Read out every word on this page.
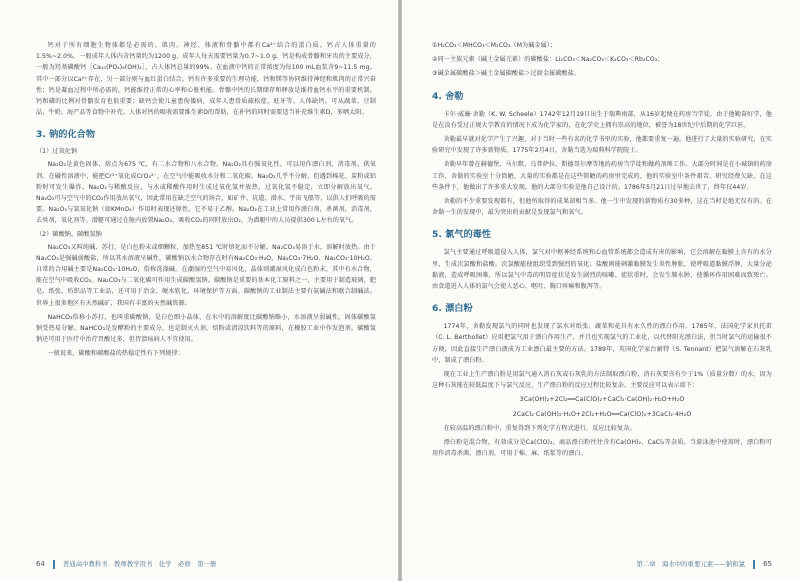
钙对于所有细胞生物体都是必需的。肌肉、神经、体液和骨骼中都有Ca²⁺结合的蛋白质。钙占人体重量的1.5%~2.0%，一般成年人体内含钙量约为1200 g，成年人每天需要钙量为0.7~1.0 g。钙是构成骨骼和牙齿的主要成分，一般为羟基磷酸钙［Ca₁₀(PO₄)₆(OH)₂］，占人体钙总量的99%。在血液中钙的正常浓度为每100 mL血浆含9~11.5 mg。其中一部分以Ca²⁺存在，另一部分则与血红蛋白结合。钙有许多重要的生理功能，钙和镁等协同维持神经和肌肉的正常兴奋性；钙是凝血过程中所必需的，钙能维持正常的心率和心脏机能。骨骼中钙的长期储存和释放是维持血钙水平的重要机制。钙和磷的比例对骨骼发育也很重要；缺钙会使儿童患佝偻病，成年人患骨质疏松症，蛀牙等。人体缺钙，可从蔬菜、豆制品、牛奶、海产品等食物中补充。人体对钙的吸收需要维生素D的帮助，在补钙的同时需要适当补充维生素D，多晒太阳。

3. 钠的化合物
（1）过氧化钠

Na₂O₂是黄色固体，熔点为675 ℃，有二水合物和八水合物。Na₂O₂具有强氧化性，可以用作漂白剂、消毒剂、供氧剂。在碱性溶液中，能把Cr³⁺氧化成CrO₄²⁻，在空气中能吸收水分和二氧化碳。Na₂O₂几乎不分解，但遇到棉花、炭粉或铝粉时可发生爆炸。Na₂O₂与稀酸反应，与水或稀酸作用时生成过氧化氢并放热，过氧化氢不稳定，立即分解放出氧气。Na₂O₂可与空气中的CO₂作用放出氧气，因此常用在缺乏空气的场合，如矿井、坑道、潜水、宇宙飞船等，以供人们呼吸的需要。Na₂O₂与氢氧化钠（如KMnO₄）作用时表现还原性，它不易于乙醇。Na₂O₂在工业上常用作漂白剂，杀菌剂，消毒剂，去臭剂，氧化剂等。潜艇可通过在舱内放置Na₂O₂，吸收CO₂的同时放出O₂，为潜艇中的人员提供300 L左右的氧气。

（2）碳酸钠、碳酸氢钠

Na₂CO₃又叫纯碱、苏打，是白色粉末或细颗粒，加热至851 ℃时熔化而不分解。Na₂CO₃易溶于水，溶解时放热。由于Na₂CO₃是强碱弱酸盐，所以其水溶液呈碱性，碳酸钠以水合物存在时有Na₂CO₃·H₂O、Na₂CO₃·7H₂O、Na₂CO₃·10H₂O。日常的合用碱主要是Na₂CO₃·10H₂O，俗称洗涤碱。在潮湿的空气中易风化，晶体则潮湿风化成白色粉末，其中有水合物，能在空气中吸收CO₂。Na₂CO₃与二氧化碳可作用生成碳酸氢钠。碳酸钠是重要的基本化工原料之一，主要用于制造玻璃、肥皂、纸张、纺织品等工业品，还可用于冶金、硬水软化、环境保护等方面。碳酸钠的工业制法主要有氨碱法和联合制碱法。世界上很多地区有天然碱矿，我国有丰富的天然碱资源。

NaHCO₃俗称小苏打，也叫重碳酸钠，是白色细小晶体，在水中的溶解度比碳酸钠略小，水溶液呈弱碱性，固体碳酸氢钠受热易分解。NaHCO₃是发酵粉的主要成分，也是制灭火剂、焙粉或清凉饮料等的原料，在橡胶工业中作发泡剂。碳酸氢钠还可用于医疗中治疗胃酸过多，但胃溃疡病人不宜使用。

一般说来，碳酸和碳酸盐的热稳定性有下列规律：

64	普通高中教科书　教师教学用书　化学　必修　第一册

①H₂CO₃＜MHCO₃＜M₂CO₃（M为碱金属）；

②同一主族元素（碱土金属元素）的碳酸盐：Li₂CO₃＜Na₂CO₃＜K₂CO₃＜Rb₂CO₃；

③碱金属碳酸盐＞碱土金属碳酸盐＞过渡金属碳酸盐。

4. 舍勒

卡尔·威廉·舍勒（K. W. Scheele）1742年12月19日出生于瑞典南部，从16岁起便在药房当学徒，由于他勤奋好学，他是在没有受过正规大学教育的情况下成为化学家的，在化学史上拥有崇高的地位，被誉为18世纪中后期的化学巨匠。

舍勒最早就对化学产生了兴趣，对于当时一些有名的化学书里的实验，他都要重复一遍。他进行了大量的实验研究，在实验研究中发现了许多新物质。1775年2月4日，舍勒当选为瑞典科学院院士。

舍勒早年曾在赫德堡、马尔默、乌普萨拉、斯德哥尔摩等地的药房当学徒和做药剂师工作。大部分时间是在小城镇的药房工作，舍勒的实验室十分简陋，大量的实验都是在这些简陋的药房里完成的，他的实验室中条件艰苦，研究经费欠缺，在这些条件下，他做出了许多重大发现，他的大部分实验是他自己设计的。1786年5月21日过早地去世了，终年仅44岁。

舍勒的不少重要发现都有，但他所取得的成果却相当多。他一生中发现的新物质有30多种，这在当时是绝无仅有的。在舍勒一生的发现中，最为突出的贡献是发现氯气和氧气。

5. 氯气的毒性

氯气主要通过呼吸道侵入人体，氯气对中枢神经系统和心血管系统都会造成有害的影响，它会溶解在黏膜上含有的水分里，生成次氯酸和盐酸。次氯酸能使组织受到强烈的氧化；盐酸则能刺激黏膜发生炎性肿胀，使呼吸道黏膜浮肿，大量分泌黏液，造成呼吸困难，所以氯气中毒的明显症状是发生剧烈的咳嗽。症状重时，会发生肺水肿，使循环作用困难而致死亡。由食道进入人体的氯气会使人恶心、呕吐、胸口疼痛和腹泻等。

6. 漂白粉

1774年，舍勒发现氯气的同时也发现了氯水对纸张、蔬菜和花具有永久性的漂白作用。1785年，法国化学家贝托雷（C. L. Berthollet）应用把氯气用于漂白作用生产，并且也实现氯气的工业化，以代替阳光漂白法，但当时氯气的运输很不方便，因此直接生产漂白液成为工业漂白最主要的方法。1789年，英国化学家台耐特（S. Tennant）把氯气溶解在石灰乳中，制成了漂白粉。

现在工业上生产漂白粉是用氯气通入消石灰或石灰乳的方法制取漂白粉，消石灰要含有少于1%（质量分数）的水，因为这种石灰能在较低温度下与氯气反应，生产漂白粉的反应过程比较复杂，主要反应可以表示如下：

3Ca(OH)₂+2Cl₂══Ca(ClO)₂+CaCl₂·Ca(OH)₂·H₂O+H₂O

2CaCl₂·Ca(OH)₂·H₂O+2Cl₂+H₂O══Ca(ClO)₂+3CaCl₂·4H₂O

在较高温的漂白粉中，重复得到下列化学方程式进行，反应比较复杂。

漂白粉是混合物，有效成分是Ca(ClO)₂。商品漂白粉往往含有Ca(OH)₂、CaCl₂等杂质。当游泳池中使用时，漂白粉可用作消毒杀菌，漂白剂，可用于棉、麻、纸浆等的漂白。

第二章　海水中的重要元素——钠和氯	65
